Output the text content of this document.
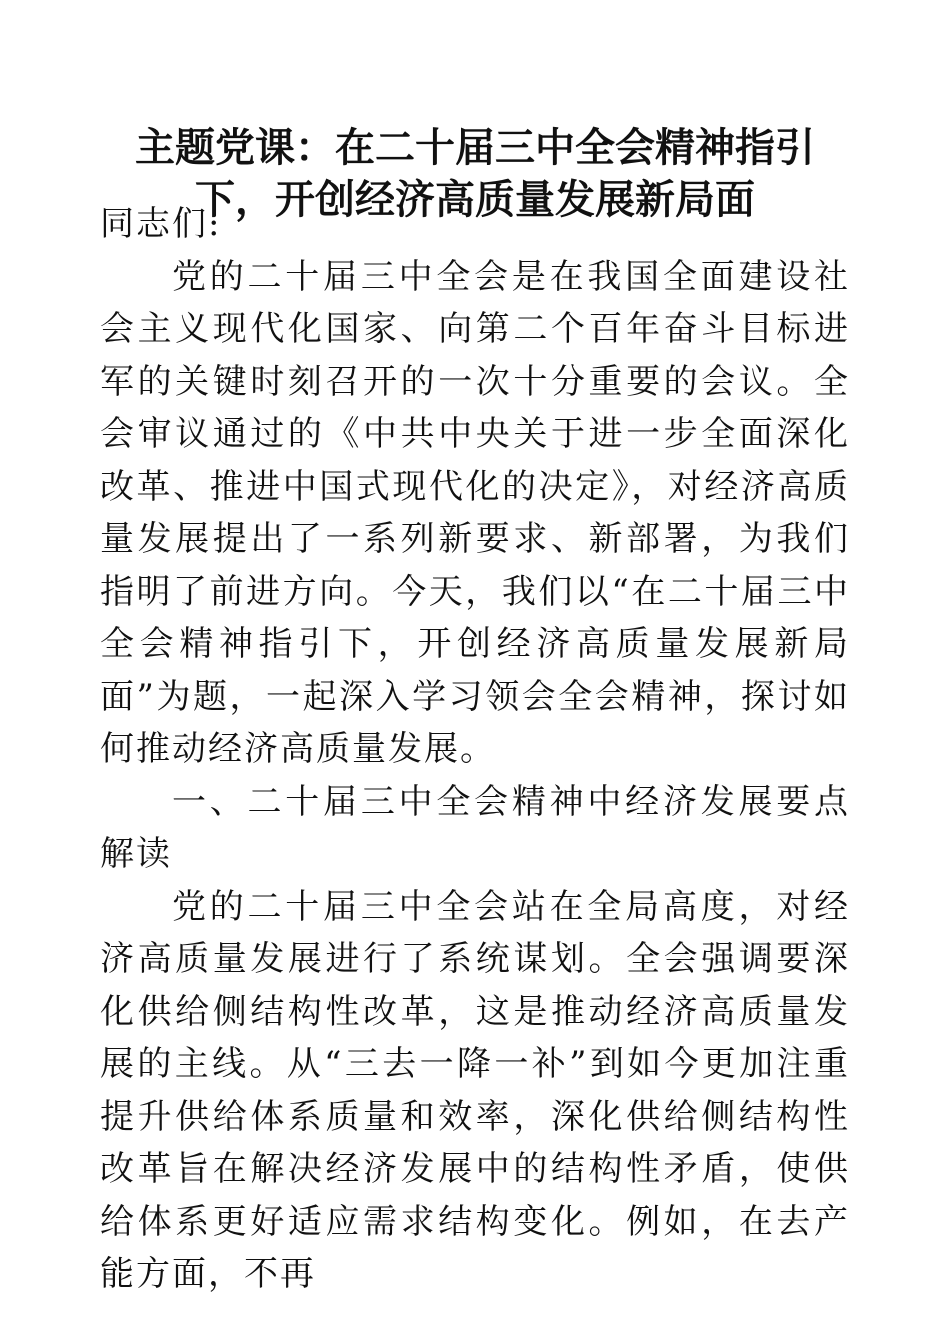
主题党课：在二十届三中全会精神指引下，开创经济高质量发展新局面

同志们:

党的二十届三中全会是在我国全面建设社会主义现代化国家、向第二个百年奋斗目标进军的关键时刻召开的一次十分重要的会议。全会审议通过的《中共中央关于进一步全面深化改革、推进中国式现代化的决定》，对经济高质量发展提出了一系列新要求、新部署，为我们指明了前进方向。今天，我们以“在二十届三中全会精神指引下，开创经济高质量发展新局面”为题，一起深入学习领会全会精神，探讨如何推动经济高质量发展。

一、二十届三中全会精神中经济发展要点解读

党的二十届三中全会站在全局高度，对经济高质量发展进行了系统谋划。全会强调要深化供给侧结构性改革，这是推动经济高质量发展的主线。从“三去一降一补”到如今更加注重提升供给体系质量和效率，深化供给侧结构性改革旨在解决经济发展中的结构性矛盾，使供给体系更好适应需求结构变化。例如，在去产能方面，不再
